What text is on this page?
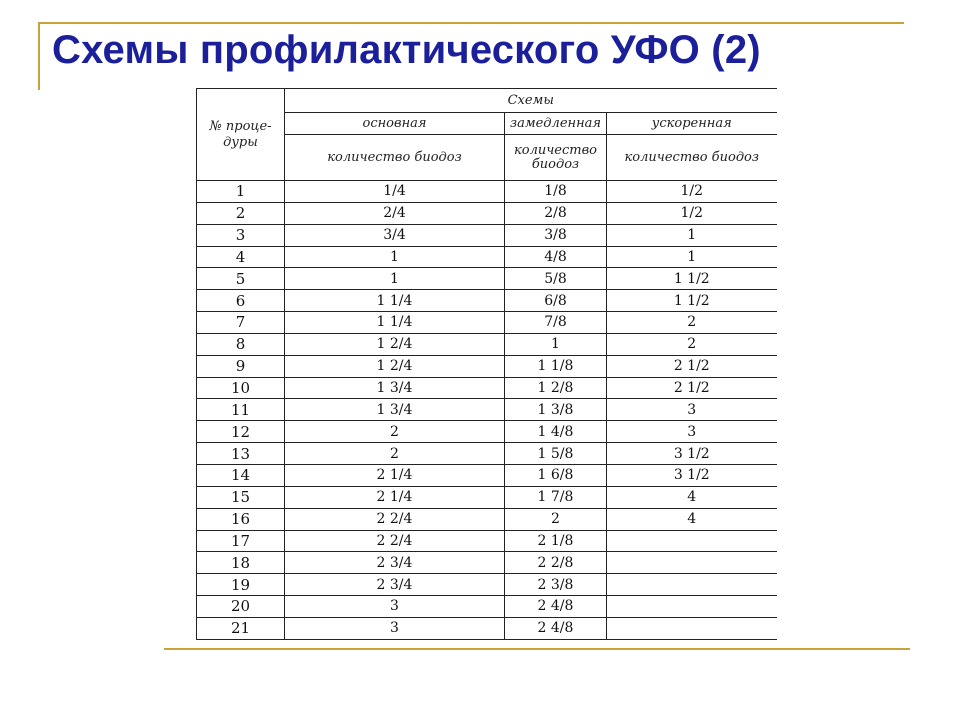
Схемы профилактического УФО (2)
№ проце-дуры	Схемы		
	основная	замедленная	ускоренная
	количество биодоз	количество биодоз	количество биодоз
1	1/4	1/8	1/2
2	2/4	2/8	1/2
3	3/4	3/8	1
4	1	4/8	1
5	1	5/8	1 1/2
6	1 1/4	6/8	1 1/2
7	1 1/4	7/8	2
8	1 2/4	1	2
9	1 2/4	1 1/8	2 1/2
10	1 3/4	1 2/8	2 1/2
11	1 3/4	1 3/8	3
12	2	1 4/8	3
13	2	1 5/8	3 1/2
14	2 1/4	1 6/8	3 1/2
15	2 1/4	1 7/8	4
16	2 2/4	2	4
17	2 2/4	2 1/8	
18	2 3/4	2 2/8	
19	2 3/4	2 3/8	
20	3	2 4/8	
21	3	2 4/8	
